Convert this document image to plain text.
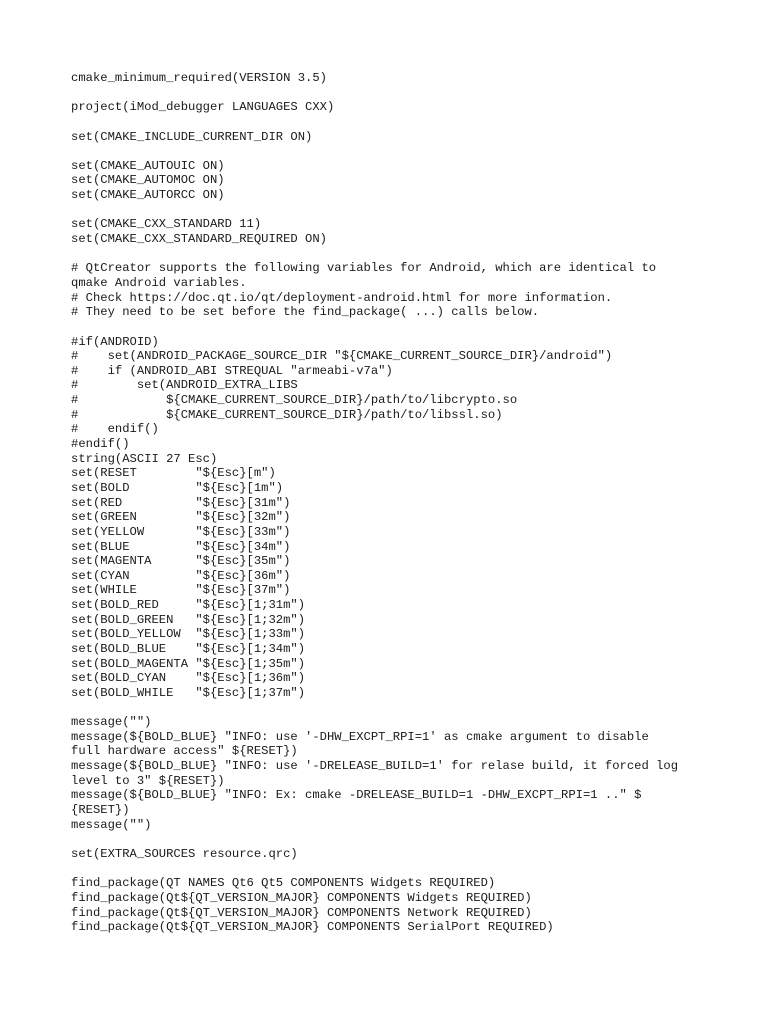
cmake_minimum_required(VERSION 3.5)
project(iMod_debugger LANGUAGES CXX)
set(CMAKE_INCLUDE_CURRENT_DIR ON)
set(CMAKE_AUTOUIC ON)
set(CMAKE_AUTOMOC ON)
set(CMAKE_AUTORCC ON)
set(CMAKE_CXX_STANDARD 11)
set(CMAKE_CXX_STANDARD_REQUIRED ON)
# QtCreator supports the following variables for Android, which are identical to
qmake Android variables.
# Check https://doc.qt.io/qt/deployment-android.html for more information.
# They need to be set before the find_package( ...) calls below.
#if(ANDROID)
#    set(ANDROID_PACKAGE_SOURCE_DIR "${CMAKE_CURRENT_SOURCE_DIR}/android")
#    if (ANDROID_ABI STREQUAL "armeabi-v7a")
#        set(ANDROID_EXTRA_LIBS
#            ${CMAKE_CURRENT_SOURCE_DIR}/path/to/libcrypto.so
#            ${CMAKE_CURRENT_SOURCE_DIR}/path/to/libssl.so)
#    endif()
#endif()
string(ASCII 27 Esc)
set(RESET        "${Esc}[m")
set(BOLD         "${Esc}[1m")
set(RED          "${Esc}[31m")
set(GREEN        "${Esc}[32m")
set(YELLOW       "${Esc}[33m")
set(BLUE         "${Esc}[34m")
set(MAGENTA      "${Esc}[35m")
set(CYAN         "${Esc}[36m")
set(WHILE        "${Esc}[37m")
set(BOLD_RED     "${Esc}[1;31m")
set(BOLD_GREEN   "${Esc}[1;32m")
set(BOLD_YELLOW  "${Esc}[1;33m")
set(BOLD_BLUE    "${Esc}[1;34m")
set(BOLD_MAGENTA "${Esc}[1;35m")
set(BOLD_CYAN    "${Esc}[1;36m")
set(BOLD_WHILE   "${Esc}[1;37m")
message("")
message(${BOLD_BLUE} "INFO: use '-DHW_EXCPT_RPI=1' as cmake argument to disable
full hardware access" ${RESET})
message(${BOLD_BLUE} "INFO: use '-DRELEASE_BUILD=1' for relase build, it forced log
level to 3" ${RESET})
message(${BOLD_BLUE} "INFO: Ex: cmake -DRELEASE_BUILD=1 -DHW_EXCPT_RPI=1 .." $
{RESET})
message("")
set(EXTRA_SOURCES resource.qrc)
find_package(QT NAMES Qt6 Qt5 COMPONENTS Widgets REQUIRED)
find_package(Qt${QT_VERSION_MAJOR} COMPONENTS Widgets REQUIRED)
find_package(Qt${QT_VERSION_MAJOR} COMPONENTS Network REQUIRED)
find_package(Qt${QT_VERSION_MAJOR} COMPONENTS SerialPort REQUIRED)
